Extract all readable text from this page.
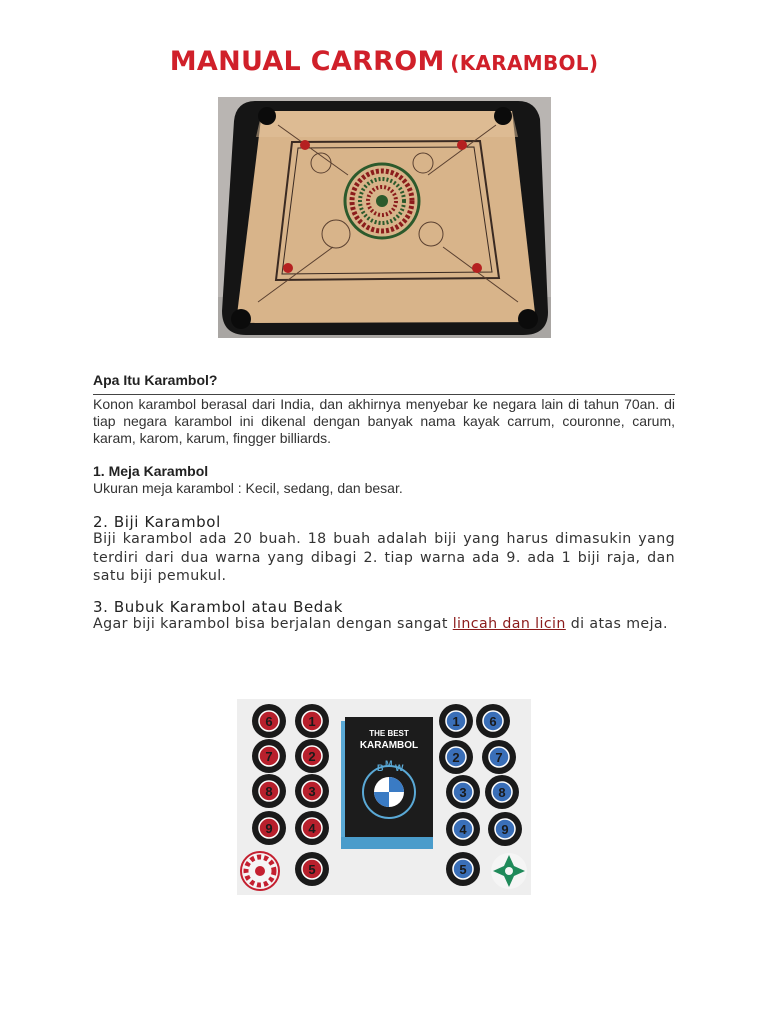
MANUAL CARROM (KARAMBOL)
Apa Itu Karambol?
Konon karambol berasal dari India, dan akhirnya menyebar ke negara lain di tahun 70an. di tiap negara karambol ini dikenal dengan banyak nama kayak carrum, couronne, carum, karam, karom, karum, fingger billiards.
1. Meja Karambol
Ukuran meja karambol : Kecil, sedang, dan besar.
2. Biji Karambol
Biji karambol ada 20 buah. 18 buah adalah biji yang harus dimasukin yang terdiri dari dua warna yang dibagi 2. tiap warna ada 9. ada 1 biji raja, dan satu biji pemukul.
3. Bubuk Karambol atau Bedak
Agar biji karambol bisa berjalan dengan sangat lincah dan licin di atas meja.
THE BEST
KARAMBOL
B M W
6	1
7	2
8	3
9	4
5
1 6
2	7
3 8
4	9
5
